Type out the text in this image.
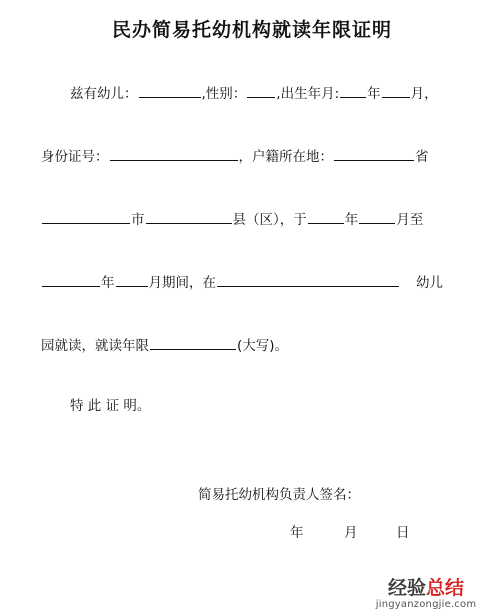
民办简易托幼机构就读年限证明
兹有幼儿：	,性别： ,出生年月: 年 月，
身份证号：	，户籍所在地：	省
市	县（区），于	年	月至
年	月期间，在	幼儿
园就读，就读年限	(大写)。
特 此 证 明。
简易托幼机构负责人签名：
年	月	日
经验总结
jingyanzongjie.com
